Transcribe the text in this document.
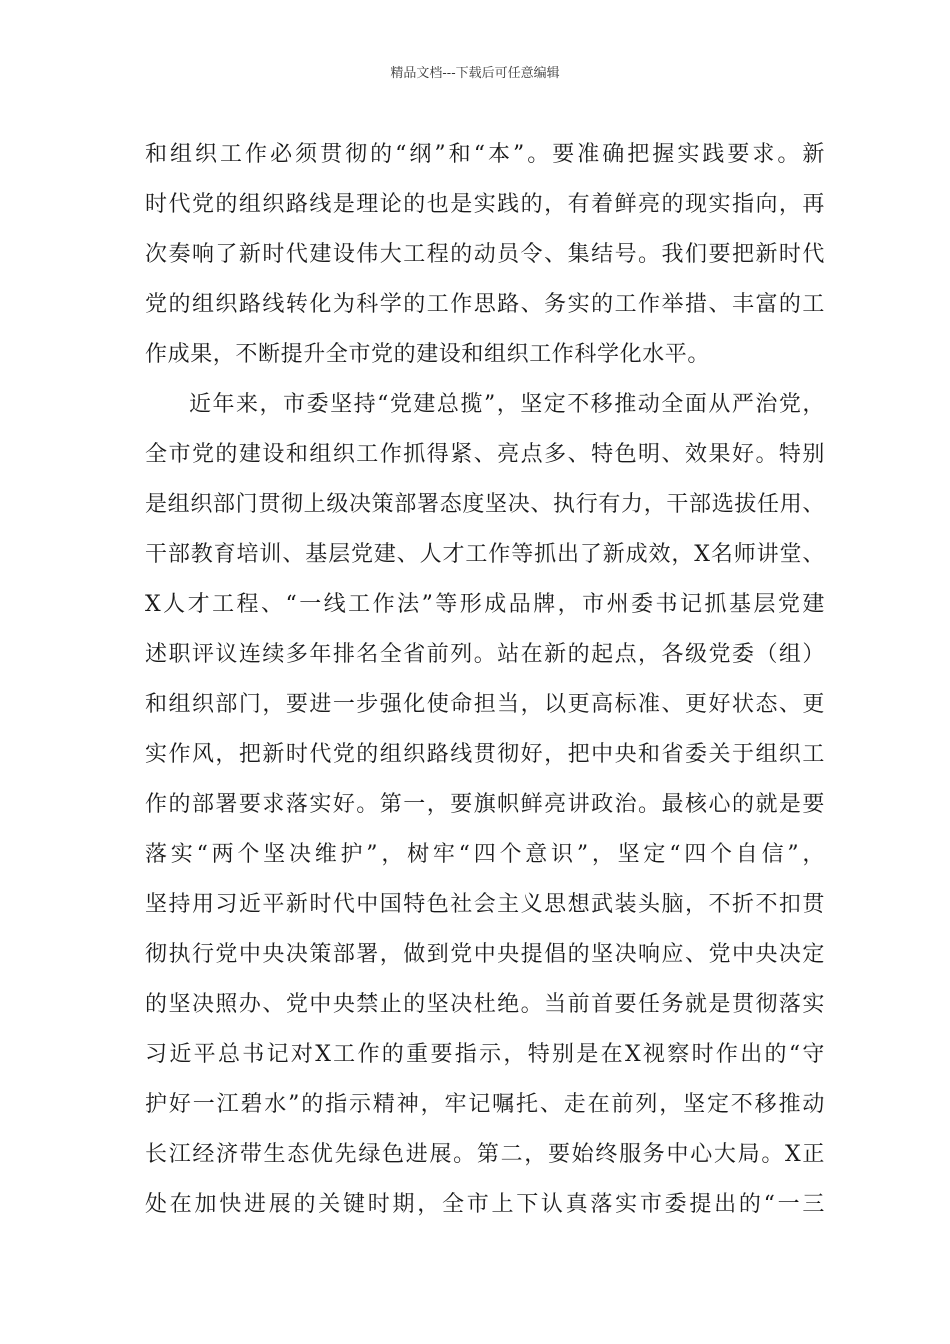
精品文档---下载后可任意编辑
和组织工作必须贯彻的“纲”和“本”。要准确把握实践要求。新
时代党的组织路线是理论的也是实践的，有着鲜亮的现实指向，再
次奏响了新时代建设伟大工程的动员令、集结号。我们要把新时代
党的组织路线转化为科学的工作思路、务实的工作举措、丰富的工
作成果，不断提升全市党的建设和组织工作科学化水平。
近年来，市委坚持“党建总揽”，坚定不移推动全面从严治党，
全市党的建设和组织工作抓得紧、亮点多、特色明、效果好。特别
是组织部门贯彻上级决策部署态度坚决、执行有力，干部选拔任用、
干部教育培训、基层党建、人才工作等抓出了新成效，X名师讲堂、
X人才工程、“一线工作法”等形成品牌，市州委书记抓基层党建
述职评议连续多年排名全省前列。站在新的起点，各级党委（组）
和组织部门，要进一步强化使命担当，以更高标准、更好状态、更
实作风，把新时代党的组织路线贯彻好，把中央和省委关于组织工
作的部署要求落实好。第一，要旗帜鲜亮讲政治。最核心的就是要
落实“两个坚决维护”，树牢“四个意识”，坚定“四个自信”，
坚持用习近平新时代中国特色社会主义思想武装头脑，不折不扣贯
彻执行党中央决策部署，做到党中央提倡的坚决响应、党中央决定
的坚决照办、党中央禁止的坚决杜绝。当前首要任务就是贯彻落实
习近平总书记对X工作的重要指示，特别是在X视察时作出的“守
护好一江碧水”的指示精神，牢记嘱托、走在前列，坚定不移推动
长江经济带生态优先绿色进展。第二，要始终服务中心大局。X正
处在加快进展的关键时期，全市上下认真落实市委提出的“一三
